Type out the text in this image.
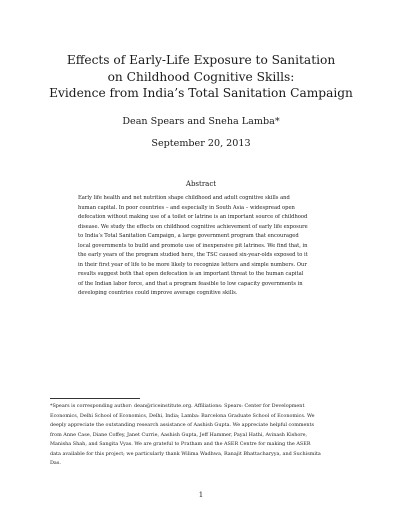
Effects of Early-Life Exposure to Sanitation
on Childhood Cognitive Skills:
Evidence from India’s Total Sanitation Campaign
Dean Spears and Sneha Lamba*
September 20, 2013
Abstract
Early life health and net nutrition shape childhood and adult cognitive skills and
human capital. In poor countries – and especially in South Asia – widespread open
defecation without making use of a toilet or latrine is an important source of childhood
disease. We study the effects on childhood cognitive achievement of early life exposure
to India’s Total Sanitation Campaign, a large government program that encouraged
local governments to build and promote use of inexpensive pit latrines. We find that, in
the early years of the program studied here, the TSC caused six-year-olds exposed to it
in their first year of life to be more likely to recognize letters and simple numbers. Our
results suggest both that open defecation is an important threat to the human capital
of the Indian labor force, and that a program feasible to low capacity governments in
developing countries could improve average cognitive skills.
*Spears is corresponding author: dean@riceinstitute.org. Affiliations: Spears: Center for Development
Economics, Delhi School of Economics, Delhi, India; Lamba: Barcelona Graduate School of Economics. We
deeply appreciate the outstanding research assistance of Aashish Gupta. We appreciate helpful comments
from Anne Case, Diane Coffey, Janet Currie, Aashish Gupta, Jeff Hammer, Payal Hathi, Avinash Kishore,
Manisha Shah, and Sangita Vyas. We are grateful to Pratham and the ASER Centre for making the ASER
data available for this project; we particularly thank Wilima Wadhwa, Ranajit Bhattacharyya, and Suchismita
Das.
1
